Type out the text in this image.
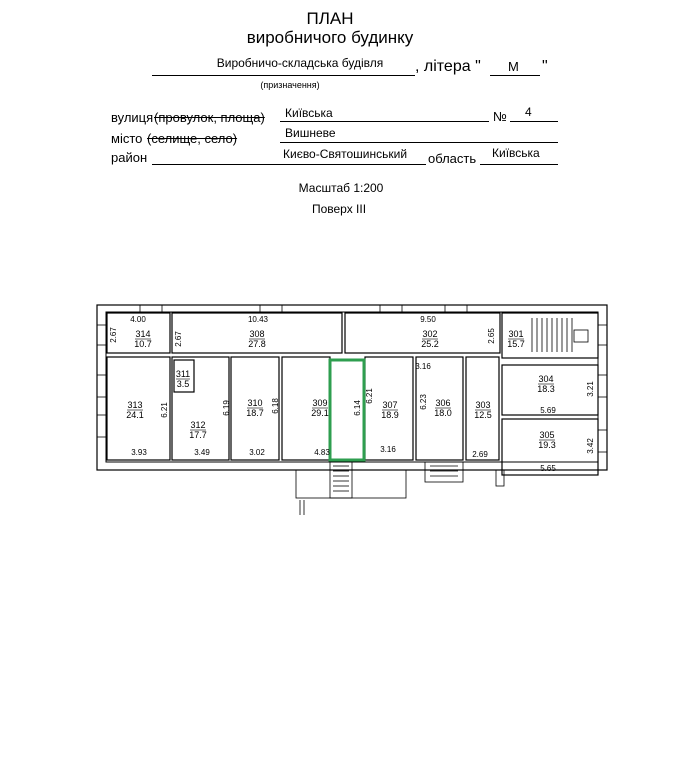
ПЛАН
виробничого будинку
Виробничо-складська будівля , літера " М "
(призначення)
вулиця (провулок, площа) Київська	№ 4
місто (селище, село)	Вишневе
район	Києво-Святошинський область Київська
Масштаб 1:200
Поверх III
314
10.7
308
27.8
302
25.2
301
15.7
311
3.5
313
24.1
312
17.7
310
18.7
309
29.1
307
18.9
306
18.0
303
12.5
304
18.3
305
19.3
4.00	10.43	9.50
3.16
5.69
5.65
3.93	3.49	3.02	4.83	3.16
2.69
2.67	2.67	2.65
6.21	6.19	6.18	6.14
6.21	6.23
3.21
3.42
